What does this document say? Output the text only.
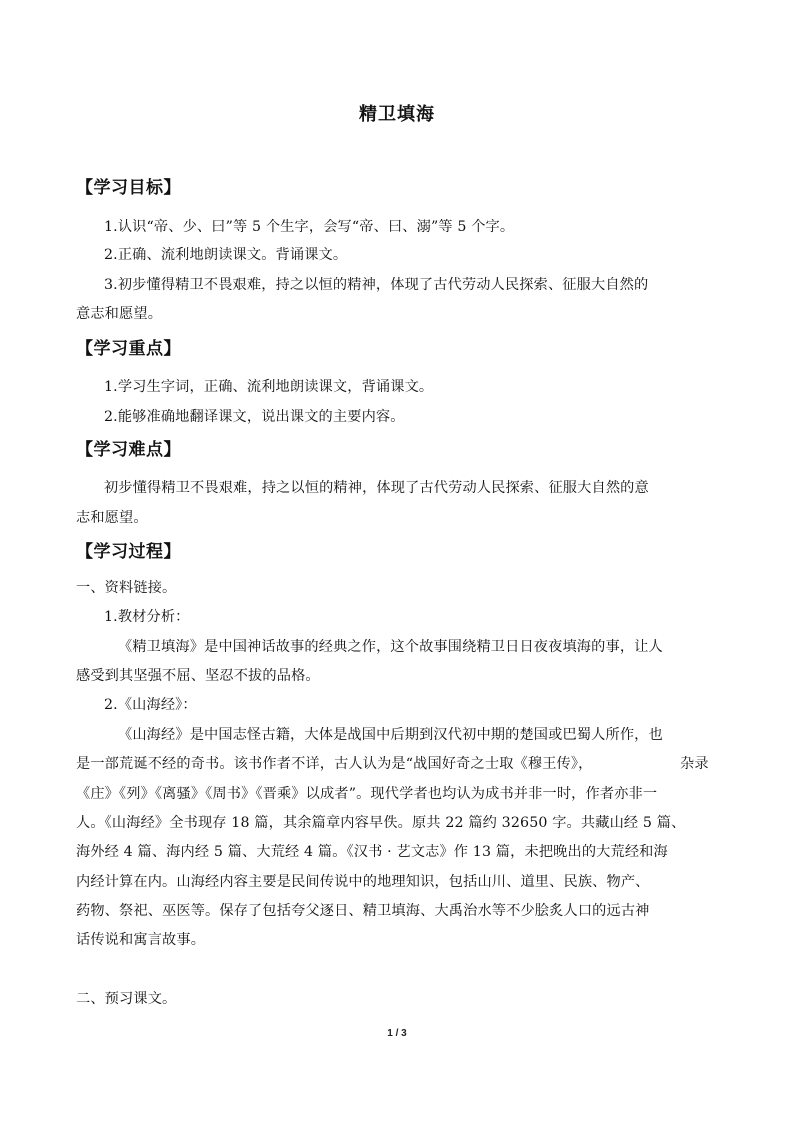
精卫填海
【学习目标】
1.认识“帝、少、曰”等 5 个生字，会写“帝、曰、溺”等 5 个字。
2.正确、流利地朗读课文。背诵课文。
3.初步懂得精卫不畏艰难，持之以恒的精神，体现了古代劳动人民探索、征服大自然的
意志和愿望。
【学习重点】
1.学习生字词，正确、流利地朗读课文，背诵课文。
2.能够准确地翻译课文，说出课文的主要内容。
【学习难点】
初步懂得精卫不畏艰难，持之以恒的精神，体现了古代劳动人民探索、征服大自然的意
志和愿望。
【学习过程】
一、资料链接。
1.教材分析：
《精卫填海》是中国神话故事的经典之作，这个故事围绕精卫日日夜夜填海的事，让人
感受到其坚强不屈、坚忍不拔的品格。
2.《山海经》：
《山海经》是中国志怪古籍，大体是战国中后期到汉代初中期的楚国或巴蜀人所作，也
是一部荒诞不经的奇书。该书作者不详，古人认为是“战国好奇之士取《穆王传》，	杂录
《庄》《列》《离骚》《周书》《晋乘》以成者”。现代学者也均认为成书并非一时，作者亦非一
人。《山海经》全书现存 18 篇，其余篇章内容早佚。原共 22 篇约 32650 字。共藏山经 5 篇、
海外经 4 篇、海内经 5 篇、大荒经 4 篇。《汉书 · 艺文志》作 13 篇，未把晚出的大荒经和海
内经计算在内。山海经内容主要是民间传说中的地理知识，包括山川、道里、民族、物产、
药物、祭祀、巫医等。保存了包括夸父逐日、精卫填海、大禹治水等不少脍炙人口的远古神
话传说和寓言故事。
二、预习课文。
1 / 3
